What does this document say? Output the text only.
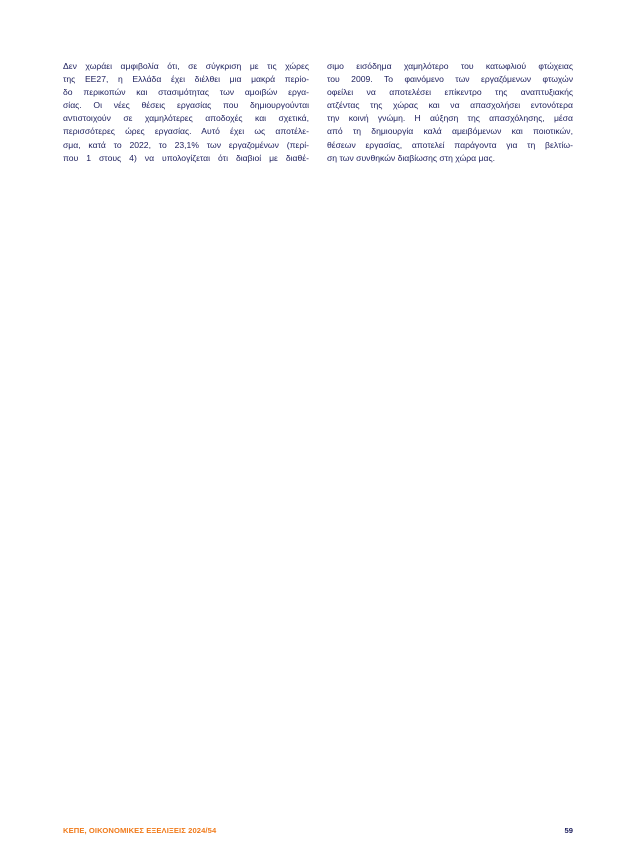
Δεν χωράει αμφιβολία ότι, σε σύγκριση με τις χώρες
της ΕΕ27, η Ελλάδα έχει διέλθει μια μακρά περίο-
δο περικοπών και στασιμότητας των αμοιβών εργα-
σίας. Οι νέες θέσεις εργασίας που δημιουργούνται
αντιστοιχούν σε χαμηλότερες αποδοχές και σχετικά,
περισσότερες ώρες εργασίας. Αυτό έχει ως αποτέλε-
σμα, κατά το 2022, το 23,1% των εργαζομένων (περί-
που 1 στους 4) να υπολογίζεται ότι διαβιοί με διαθέ-
σιμο εισόδημα χαμηλότερο του κατωφλιού φτώχειας
του 2009. Το φαινόμενο των εργαζόμενων φτωχών
οφείλει να αποτελέσει επίκεντρο της αναπτυξιακής
ατζέντας της χώρας και να απασχολήσει εντονότερα
την κοινή γνώμη. Η αύξηση της απασχόλησης, μέσα
από τη δημιουργία καλά αμειβόμενων και ποιοτικών,
θέσεων εργασίας, αποτελεί παράγοντα για τη βελτίω-
ση των συνθηκών διαβίωσης στη χώρα μας.
ΚΕΠΕ, ΟΙΚΟΝΟΜΙΚΕΣ ΕΞΕΛΙΞΕΙΣ 2024/54	59
